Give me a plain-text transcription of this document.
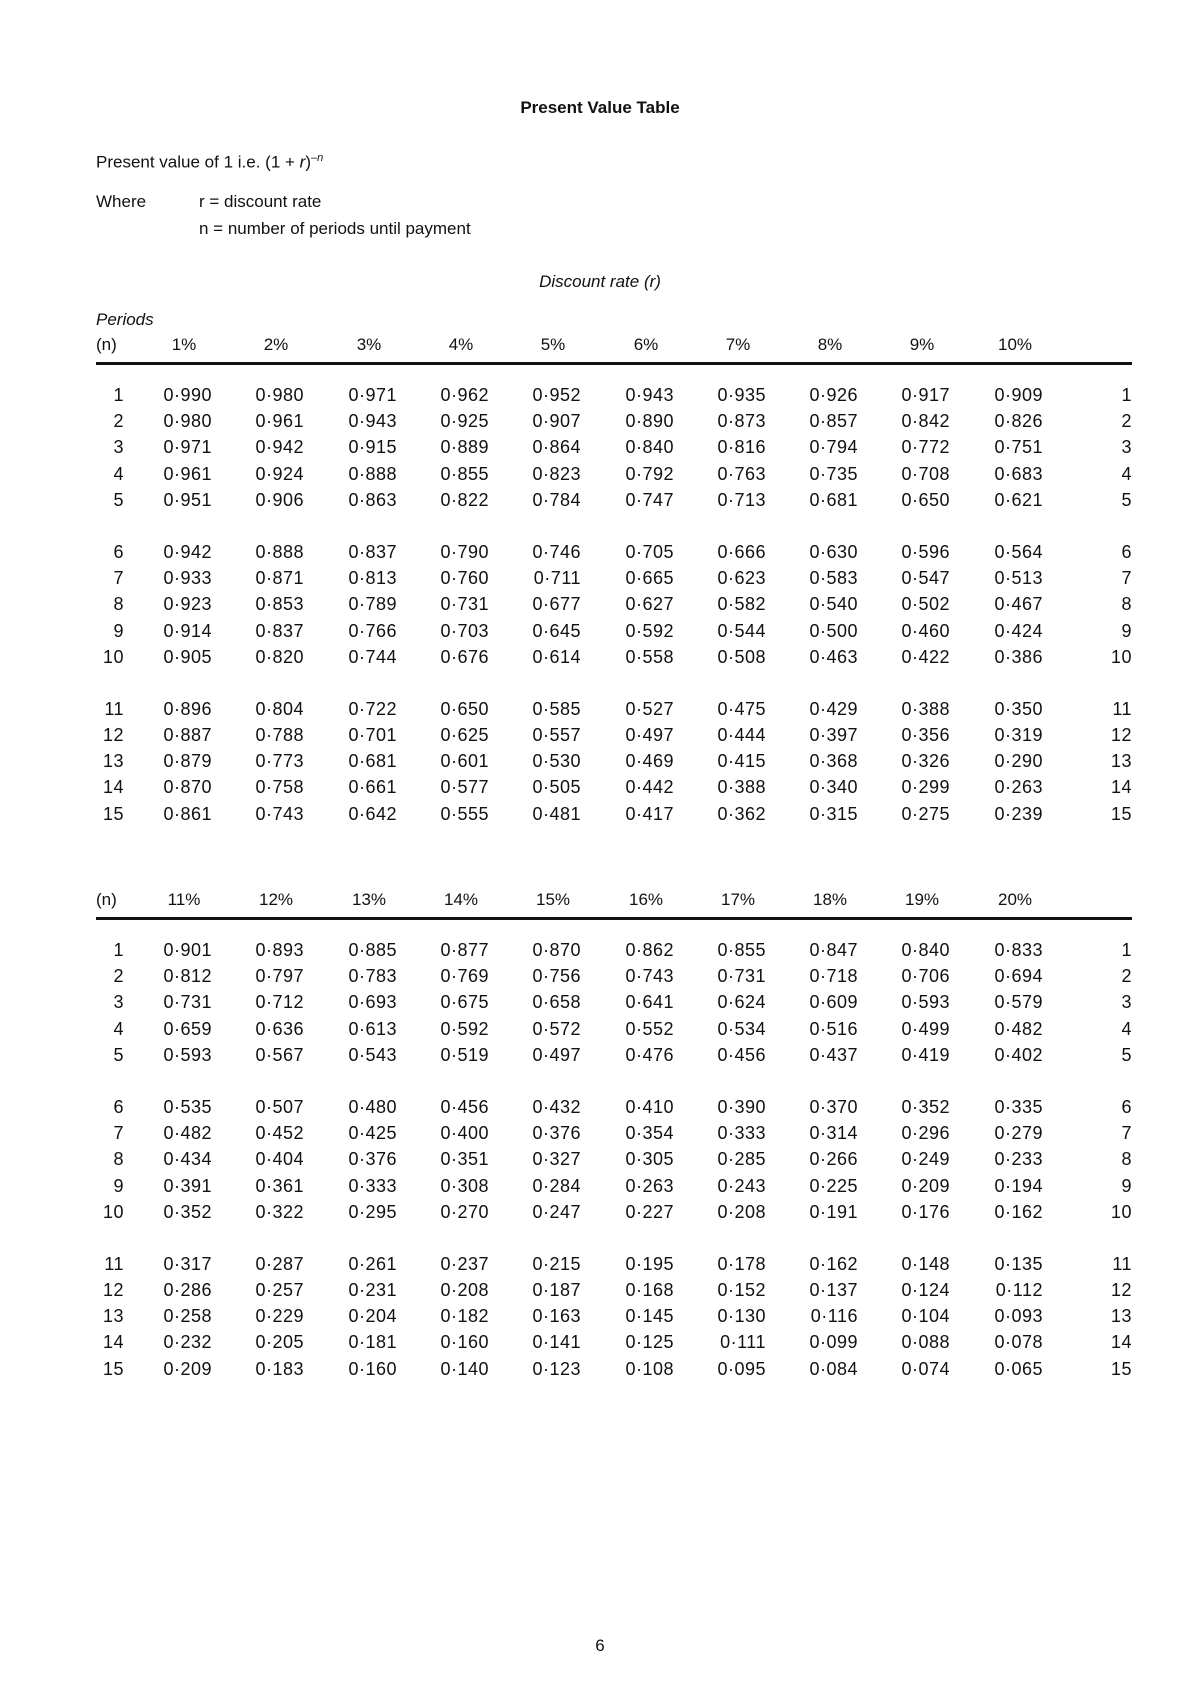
Present Value Table
Present value of 1 i.e. $(1 + r)^{-n}$
Where	r = discount rate
n = number of periods until payment
Discount rate (r)
Periods
(n)	1%	2%	3%	4%	5%	6%	7%	8%	9%	10%
1	0·990	0·980	0·971	0·962	0·952	0·943	0·935	0·926	0·917	0·909	1
2	0·980	0·961	0·943	0·925	0·907	0·890	0·873	0·857	0·842	0·826	2
3	0·971	0·942	0·915	0·889	0·864	0·840	0·816	0·794	0·772	0·751	3
4	0·961	0·924	0·888	0·855	0·823	0·792	0·763	0·735	0·708	0·683	4
5	0·951	0·906	0·863	0·822	0·784	0·747	0·713	0·681	0·650	0·621	5
6	0·942	0·888	0·837	0·790	0·746	0·705	0·666	0·630	0·596	0·564	6
7	0·933	0·871	0·813	0·760	0·711	0·665	0·623	0·583	0·547	0·513	7
8	0·923	0·853	0·789	0·731	0·677	0·627	0·582	0·540	0·502	0·467	8
9	0·914	0·837	0·766	0·703	0·645	0·592	0·544	0·500	0·460	0·424	9
10	0·905	0·820	0·744	0·676	0·614	0·558	0·508	0·463	0·422	0·386	10
11	0·896	0·804	0·722	0·650	0·585	0·527	0·475	0·429	0·388	0·350	11
12	0·887	0·788	0·701	0·625	0·557	0·497	0·444	0·397	0·356	0·319	12
13	0·879	0·773	0·681	0·601	0·530	0·469	0·415	0·368	0·326	0·290	13
14	0·870	0·758	0·661	0·577	0·505	0·442	0·388	0·340	0·299	0·263	14
15	0·861	0·743	0·642	0·555	0·481	0·417	0·362	0·315	0·275	0·239	15
(n)	11%	12%	13%	14%	15%	16%	17%	18%	19%	20%
1	0·901	0·893	0·885	0·877	0·870	0·862	0·855	0·847	0·840	0·833	1
2	0·812	0·797	0·783	0·769	0·756	0·743	0·731	0·718	0·706	0·694	2
3	0·731	0·712	0·693	0·675	0·658	0·641	0·624	0·609	0·593	0·579	3
4	0·659	0·636	0·613	0·592	0·572	0·552	0·534	0·516	0·499	0·482	4
5	0·593	0·567	0·543	0·519	0·497	0·476	0·456	0·437	0·419	0·402	5
6	0·535	0·507	0·480	0·456	0·432	0·410	0·390	0·370	0·352	0·335	6
7	0·482	0·452	0·425	0·400	0·376	0·354	0·333	0·314	0·296	0·279	7
8	0·434	0·404	0·376	0·351	0·327	0·305	0·285	0·266	0·249	0·233	8
9	0·391	0·361	0·333	0·308	0·284	0·263	0·243	0·225	0·209	0·194	9
10	0·352	0·322	0·295	0·270	0·247	0·227	0·208	0·191	0·176	0·162	10
11	0·317	0·287	0·261	0·237	0·215	0·195	0·178	0·162	0·148	0·135	11
12	0·286	0·257	0·231	0·208	0·187	0·168	0·152	0·137	0·124	0·112	12
13	0·258	0·229	0·204	0·182	0·163	0·145	0·130	0·116	0·104	0·093	13
14	0·232	0·205	0·181	0·160	0·141	0·125	0·111	0·099	0·088	0·078	14
15	0·209	0·183	0·160	0·140	0·123	0·108	0·095	0·084	0·074	0·065	15
6
